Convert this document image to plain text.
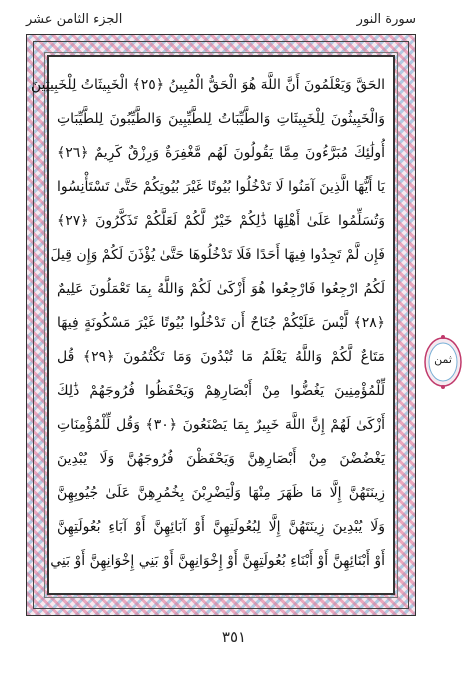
سورة النور
الجزء الثامن عشر
الحَقَّ وَيَعْلَمُونَ أَنَّ اللَّهَ هُوَ الْحَقُّ الْمُبِينُ ﴿٢٥﴾ الْخَبِيثَاتُ لِلْخَبِيثِينَ
وَالْخَبِيثُونَ لِلْخَبِيثَاتِ وَالطَّيِّبَاتُ لِلطَّيِّبِينَ وَالطَّيِّبُونَ لِلطَّيِّبَاتِ
أُولَٰئِكَ مُبَرَّءُونَ مِمَّا يَقُولُونَ لَهُم مَّغْفِرَةٌ وَرِزْقٌ كَرِيمٌ ﴿٢٦﴾
يَا أَيُّهَا الَّذِينَ آمَنُوا لَا تَدْخُلُوا بُيُوتًا غَيْرَ بُيُوتِكُمْ حَتَّىٰ تَسْتَأْنِسُوا
وَتُسَلِّمُوا عَلَىٰ أَهْلِهَا ذَٰلِكُمْ خَيْرٌ لَّكُمْ لَعَلَّكُمْ تَذَكَّرُونَ ﴿٢٧﴾
فَإِن لَّمْ تَجِدُوا فِيهَا أَحَدًا فَلَا تَدْخُلُوهَا حَتَّىٰ يُؤْذَنَ لَكُمْ وَإِن قِيلَ
لَكُمُ ارْجِعُوا فَارْجِعُوا هُوَ أَزْكَىٰ لَكُمْ وَاللَّهُ بِمَا تَعْمَلُونَ عَلِيمٌ
﴿٢٨﴾ لَّيْسَ عَلَيْكُمْ جُنَاحٌ أَن تَدْخُلُوا بُيُوتًا غَيْرَ مَسْكُونَةٍ فِيهَا
مَتَاعٌ لَّكُمْ وَاللَّهُ يَعْلَمُ مَا تُبْدُونَ وَمَا تَكْتُمُونَ ﴿٢٩﴾ قُل
لِّلْمُؤْمِنِينَ يَغُضُّوا مِنْ أَبْصَارِهِمْ وَيَحْفَظُوا فُرُوجَهُمْ ذَٰلِكَ
أَزْكَىٰ لَهُمْ إِنَّ اللَّهَ خَبِيرٌ بِمَا يَصْنَعُونَ ﴿٣٠﴾ وَقُل لِّلْمُؤْمِنَاتِ
يَغْضُضْنَ مِنْ أَبْصَارِهِنَّ وَيَحْفَظْنَ فُرُوجَهُنَّ وَلَا يُبْدِينَ
زِينَتَهُنَّ إِلَّا مَا ظَهَرَ مِنْهَا وَلْيَضْرِبْنَ بِخُمُرِهِنَّ عَلَىٰ جُيُوبِهِنَّ
وَلَا يُبْدِينَ زِينَتَهُنَّ إِلَّا لِبُعُولَتِهِنَّ أَوْ آبَائِهِنَّ أَوْ آبَاءِ بُعُولَتِهِنَّ
أَوْ أَبْنَائِهِنَّ أَوْ أَبْنَاءِ بُعُولَتِهِنَّ أَوْ إِخْوَانِهِنَّ أَوْ بَنِي إِخْوَانِهِنَّ أَوْ بَنِي
ثمن
٣٥١
